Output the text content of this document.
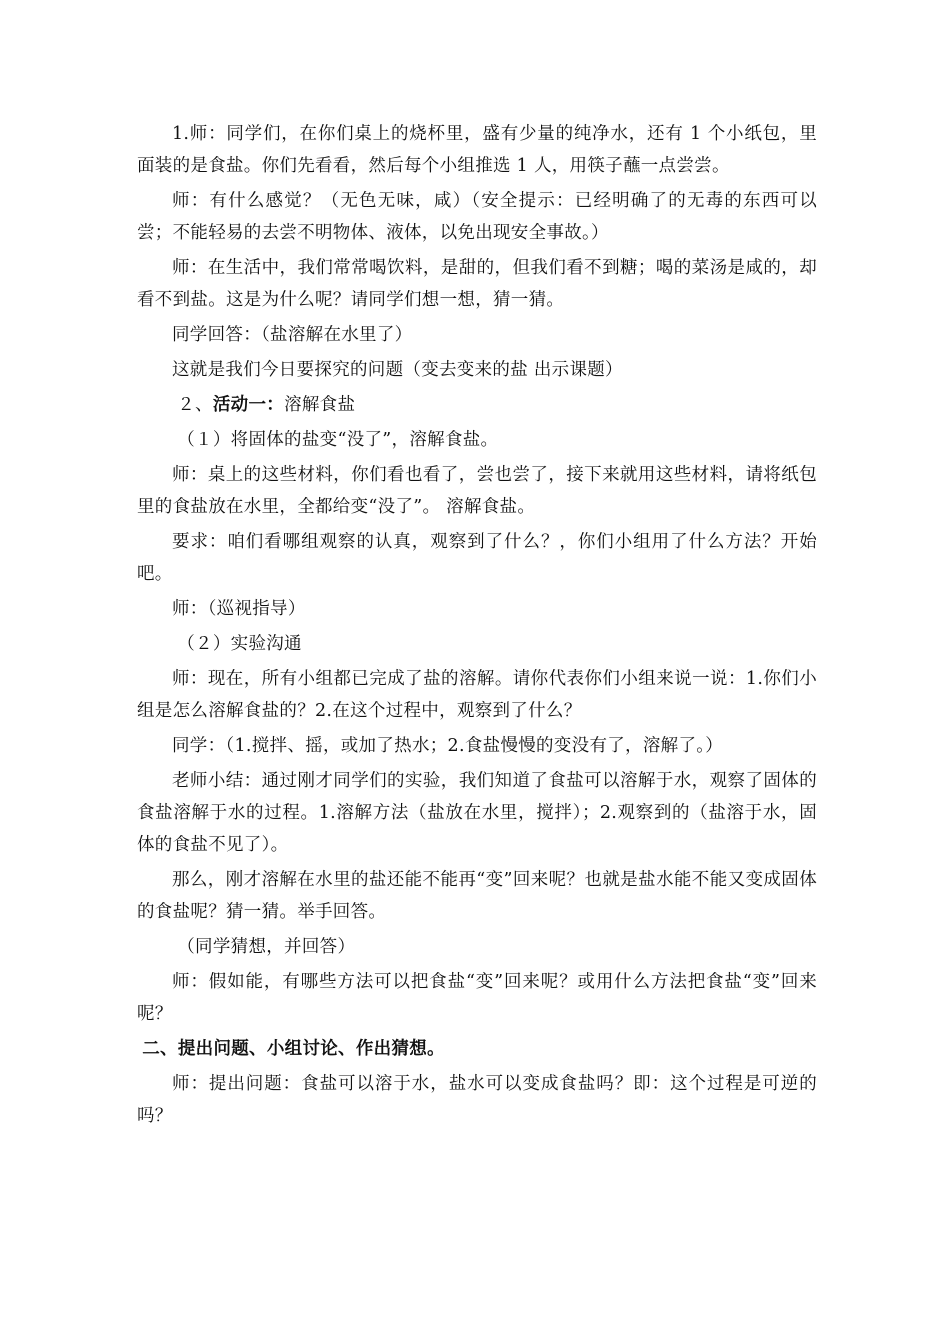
1.师：同学们，在你们桌上的烧杯里，盛有少量的纯净水，还有 1 个小纸包，里面装的是食盐。你们先看看，然后每个小组推选 1 人，用筷子蘸一点尝尝。

师：有什么感觉？（无色无味，咸）（安全提示：已经明确了的无毒的东西可以尝；不能轻易的去尝不明物体、液体，以免出现安全事故。）

师：在生活中，我们常常喝饮料，是甜的，但我们看不到糖；喝的菜汤是咸的，却看不到盐。这是为什么呢？请同学们想一想，猜一猜。

同学回答：（盐溶解在水里了）

这就是我们今日要探究的问题（变去变来的盐 出示课题）

２、活动一：溶解食盐

（１）将固体的盐变“没了”，溶解食盐。

师：桌上的这些材料，你们看也看了，尝也尝了，接下来就用这些材料，请将纸包里的食盐放在水里，全都给变“没了”。 溶解食盐。

要求：咱们看哪组观察的认真，观察到了什么？，你们小组用了什么方法？开始吧。

师：（巡视指导）

（２）实验沟通

师：现在，所有小组都已完成了盐的溶解。请你代表你们小组来说一说：1.你们小组是怎么溶解食盐的？2.在这个过程中，观察到了什么？

同学：（1.搅拌、摇，或加了热水；2.食盐慢慢的变没有了，溶解了。）

老师小结：通过刚才同学们的实验，我们知道了食盐可以溶解于水，观察了固体的食盐溶解于水的过程。1.溶解方法（盐放在水里，搅拌）；2.观察到的（盐溶于水，固体的食盐不见了）。

那么，刚才溶解在水里的盐还能不能再“变”回来呢？也就是盐水能不能又变成固体的食盐呢？猜一猜。举手回答。

（同学猜想，并回答）

师：假如能，有哪些方法可以把食盐“变”回来呢？或用什么方法把食盐“变”回来呢？

二、提出问题、小组讨论、作出猜想。

师：提出问题：食盐可以溶于水，盐水可以变成食盐吗？即：这个过程是可逆的吗？
